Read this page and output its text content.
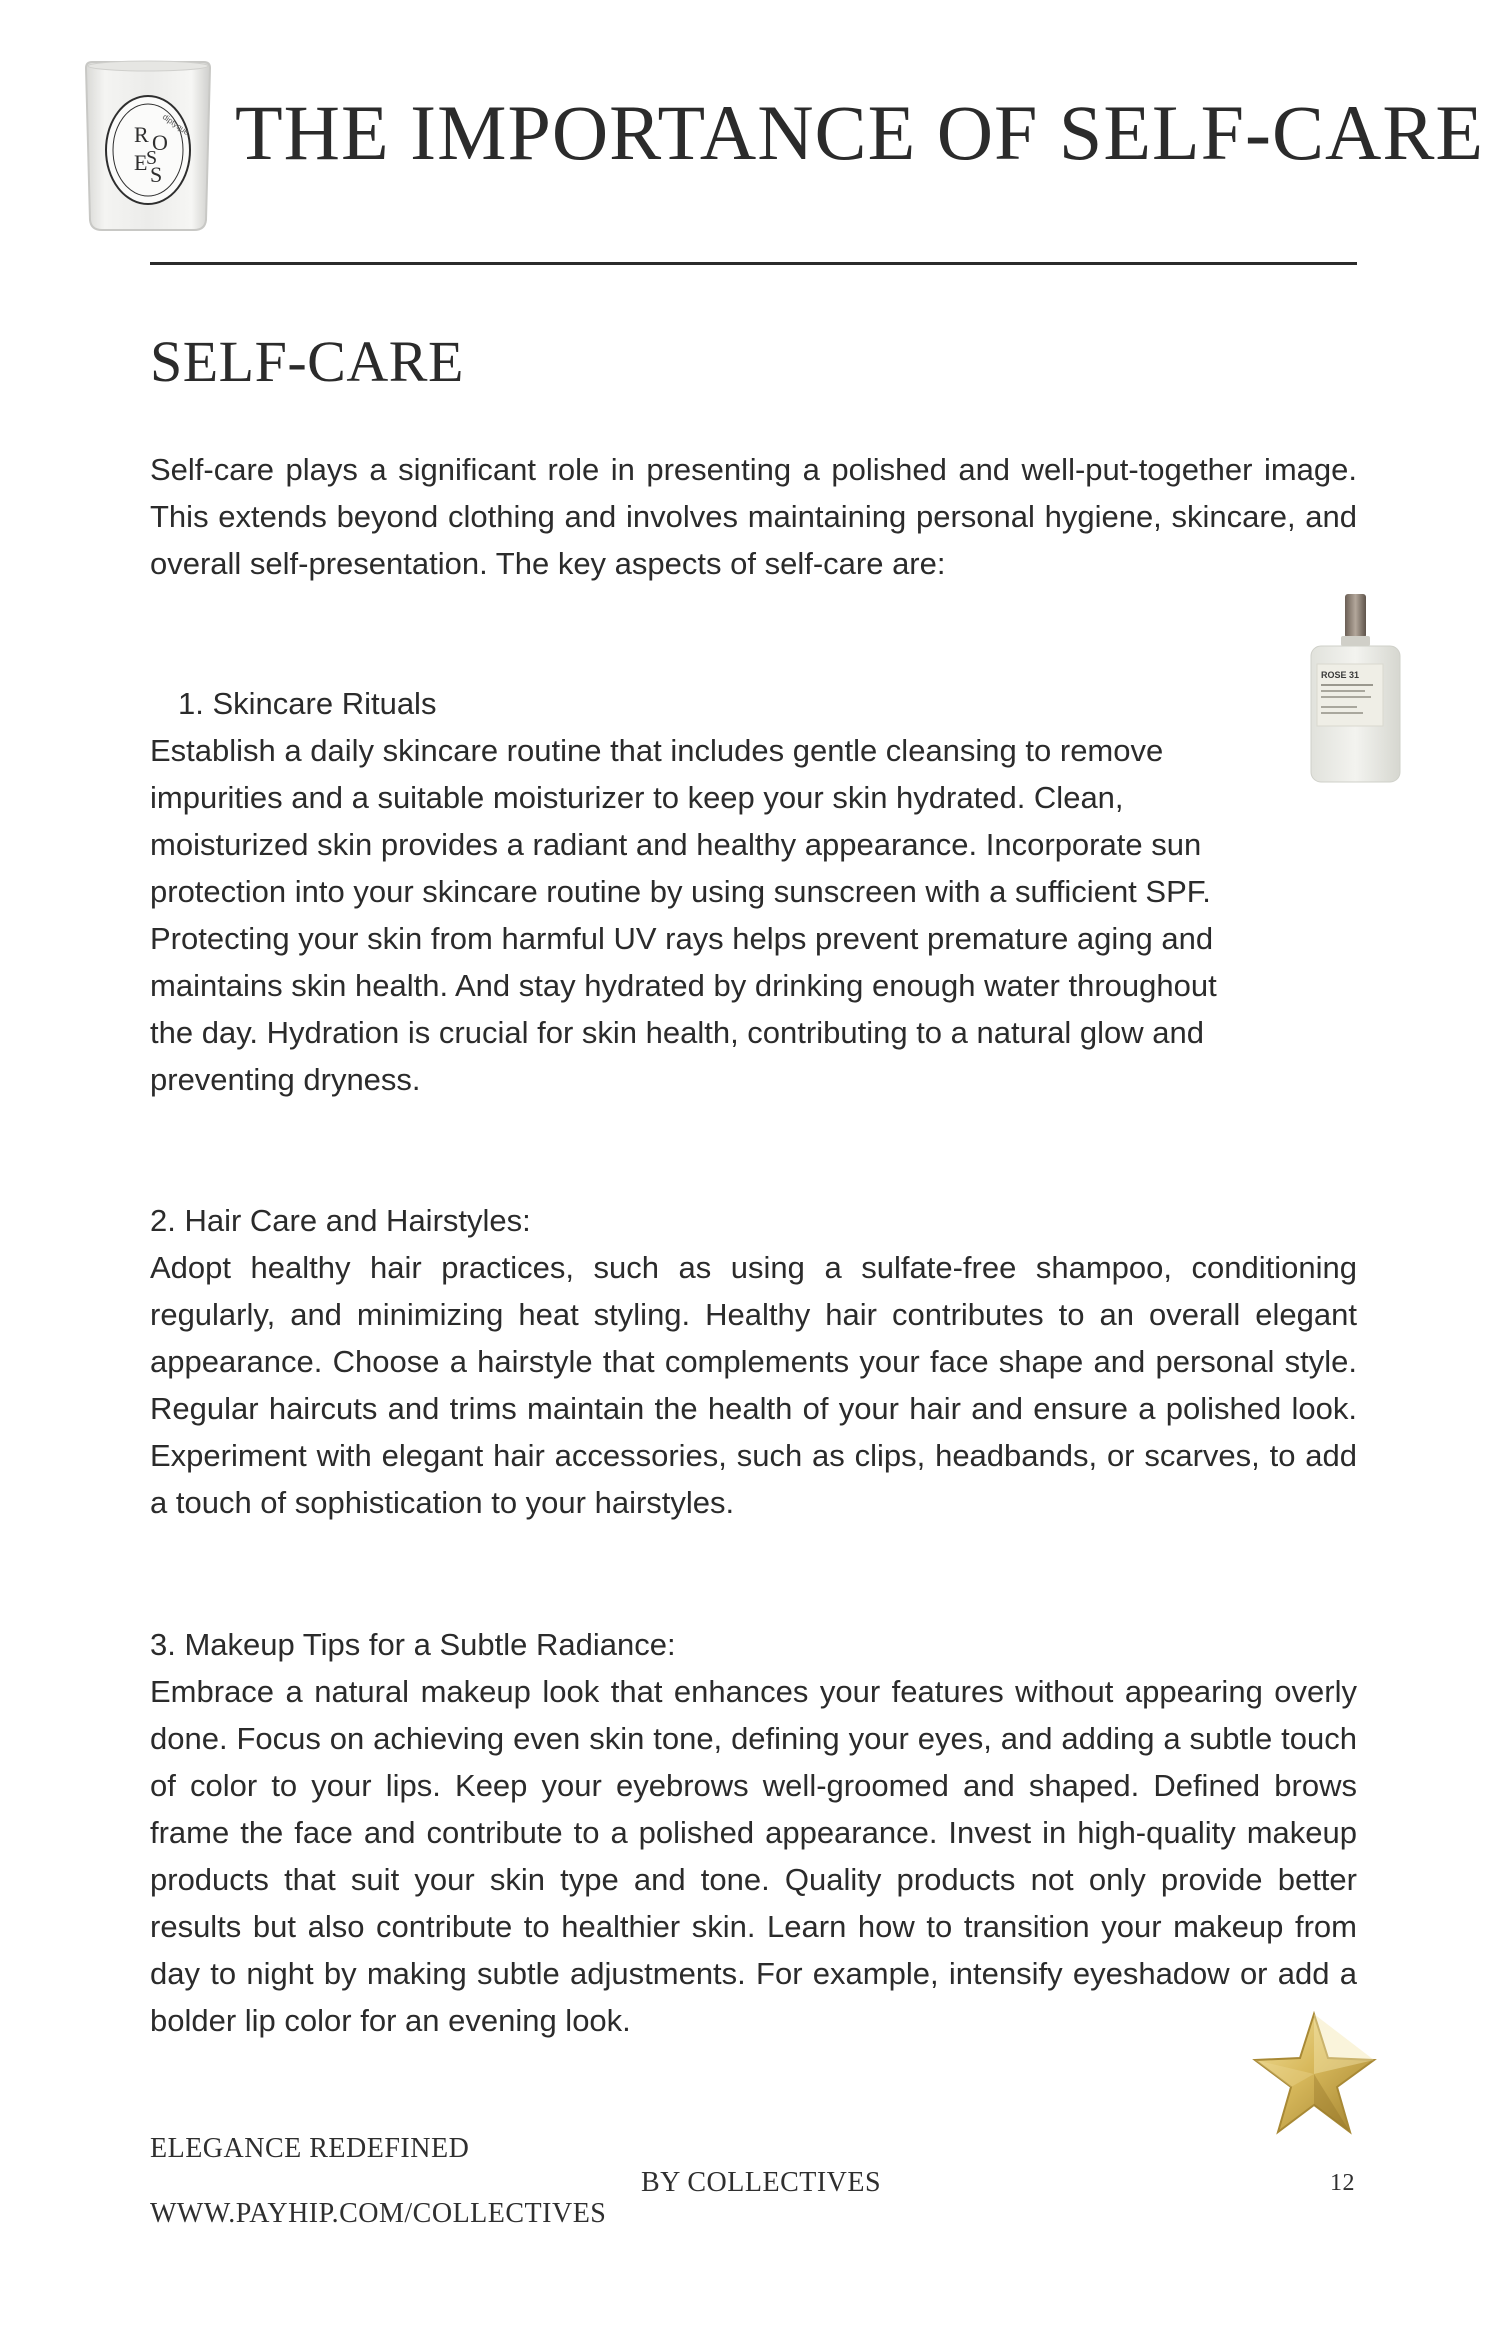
R O
E S
S
diptyque THE IMPORTANCE OF SELF-CARE
SELF-CARE

Self-care plays a significant role in presenting a polished and well-put-together image. This extends beyond clothing and involves maintaining personal hygiene, skincare, and overall self-presentation. The key aspects of self-care are:

ROSE 31

1. Skincare Rituals

Establish a daily skincare routine that includes gentle cleansing to remove impurities and a suitable moisturizer to keep your skin hydrated. Clean, moisturized skin provides a radiant and healthy appearance. Incorporate sun protection into your skincare routine by using sunscreen with a sufficient SPF. Protecting your skin from harmful UV rays helps prevent premature aging and maintains skin health. And stay hydrated by drinking enough water throughout the day. Hydration is crucial for skin health, contributing to a natural glow and preventing dryness.

2. Hair Care and Hairstyles:

Adopt healthy hair practices, such as using a sulfate-free shampoo, conditioning regularly, and minimizing heat styling. Healthy hair contributes to an overall elegant appearance. Choose a hairstyle that complements your face shape and personal style. Regular haircuts and trims maintain the health of your hair and ensure a polished look. Experiment with elegant hair accessories, such as clips, headbands, or scarves, to add a touch of sophistication to your hairstyles.

3. Makeup Tips for a Subtle Radiance:

Embrace a natural makeup look that enhances your features without appearing overly done. Focus on achieving even skin tone, defining your eyes, and adding a subtle touch of color to your lips. Keep your eyebrows well-groomed and shaped. Defined brows frame the face and contribute to a polished appearance. Invest in high-quality makeup products that suit your skin type and tone. Quality products not only provide better results but also contribute to healthier skin. Learn how to transition your makeup from day to night by making subtle adjustments. For example, intensify eyeshadow or add a bolder lip color for an evening look.

ELEGANCE REDEFINED

WWW.PAYHIP.COM/COLLECTIVES

BY COLLECTIVES	12
